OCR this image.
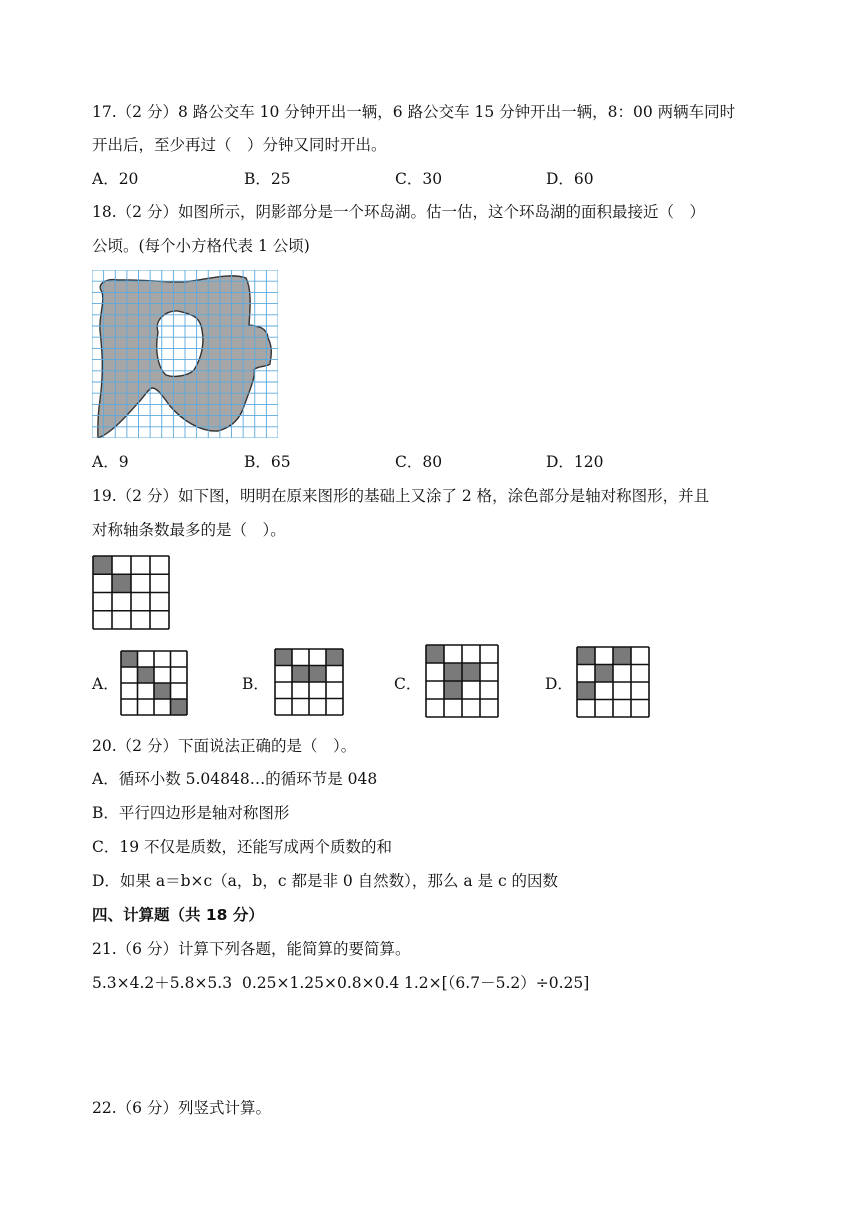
17.（2 分）8 路公交车 10 分钟开出一辆，6 路公交车 15 分钟开出一辆，8：00 两辆车同时
开出后，至少再过（　）分钟又同时开出。
A．20	B．25	C．30	D．60
18.（2 分）如图所示，阴影部分是一个环岛湖。估一估，这个环岛湖的面积最接近（　）
公顷。(每个小方格代表 1 公顷)
A．9	B．65	C．80	D．120
19.（2 分）如下图，明明在原来图形的基础上又涂了 2 格，涂色部分是轴对称图形，并且
对称轴条数最多的是（　）。
A．	B．	C．	D．
20.（2 分）下面说法正确的是（　）。
A．循环小数 5.04848…的循环节是 048
B．平行四边形是轴对称图形
C．19 不仅是质数，还能写成两个质数的和
D．如果 a＝b×c（a，b，c 都是非 0 自然数），那么 a 是 c 的因数
四、计算题（共 18 分）
21.（6 分）计算下列各题，能简算的要简算。
5.3×4.2＋5.8×5.3 0.25×1.25×0.8×0.4 1.2×[（6.7－5.2）÷0.25]
22.（6 分）列竖式计算。
